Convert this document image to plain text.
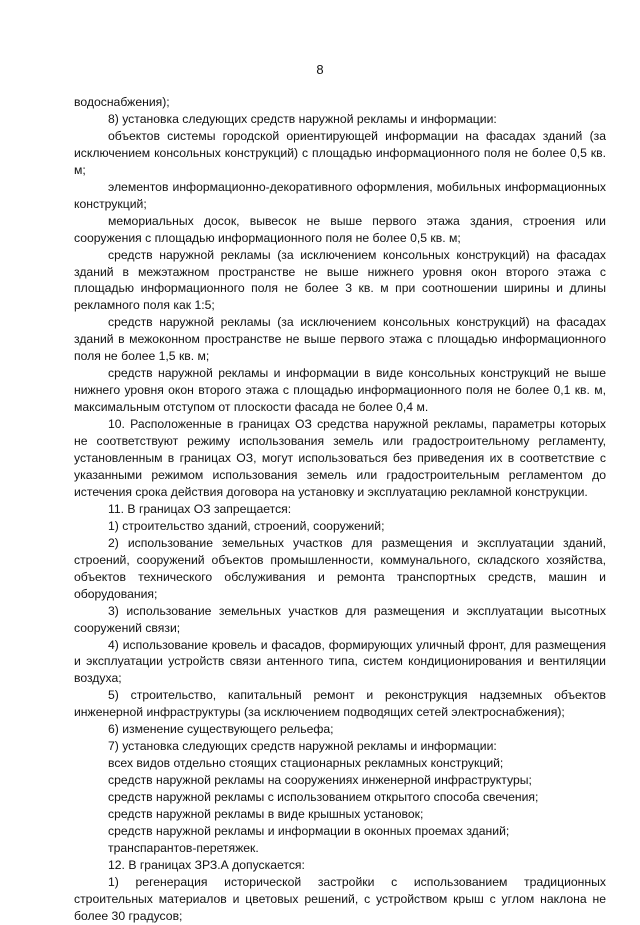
8

водоснабжения);

8) установка следующих средств наружной рекламы и информации:

объектов системы городской ориентирующей информации на фасадах зданий (за исключением консольных конструкций) с площадью информационного поля не более 0,5 кв. м;

элементов информационно-декоративного оформления, мобильных информационных конструкций;

мемориальных досок, вывесок не выше первого этажа здания, строения или сооружения с площадью информационного поля не более 0,5 кв. м;

средств наружной рекламы (за исключением консольных конструкций) на фасадах зданий в межэтажном пространстве не выше нижнего уровня окон второго этажа с площадью информационного поля не более 3 кв. м при соотношении ширины и длины рекламного поля как 1:5;

средств наружной рекламы (за исключением консольных конструкций) на фасадах зданий в межоконном пространстве не выше первого этажа с площадью информационного поля не более 1,5 кв. м;

средств наружной рекламы и информации в виде консольных конструкций не выше нижнего уровня окон второго этажа с площадью информационного поля не более 0,1 кв. м, максимальным отступом от плоскости фасада не более 0,4 м.

10. Расположенные в границах ОЗ средства наружной рекламы, параметры которых не соответствуют режиму использования земель или градостроительному регламенту, установленным в границах ОЗ, могут использоваться без приведения их в соответствие с указанными режимом использования земель или градостроительным регламентом до истечения срока действия договора на установку и эксплуатацию рекламной конструкции.

11. В границах ОЗ запрещается:

1) строительство зданий, строений, сооружений;

2) использование земельных участков для размещения и эксплуатации зданий, строений, сооружений объектов промышленности, коммунального, складского хозяйства, объектов технического обслуживания и ремонта транспортных средств, машин и оборудования;

3) использование земельных участков для размещения и эксплуатации высотных сооружений связи;

4) использование кровель и фасадов, формирующих уличный фронт, для размещения и эксплуатации устройств связи антенного типа, систем кондиционирования и вентиляции воздуха;

5) строительство, капитальный ремонт и реконструкция надземных объектов инженерной инфраструктуры (за исключением подводящих сетей электроснабжения);

6) изменение существующего рельефа;

7) установка следующих средств наружной рекламы и информации:

всех видов отдельно стоящих стационарных рекламных конструкций;

средств наружной рекламы на сооружениях инженерной инфраструктуры;

средств наружной рекламы с использованием открытого способа свечения;

средств наружной рекламы в виде крышных установок;

средств наружной рекламы и информации в оконных проемах зданий;

транспарантов-перетяжек.

12. В границах ЗРЗ.А допускается:

1) регенерация исторической застройки с использованием традиционных строительных материалов и цветовых решений, с устройством крыш с углом наклона не более 30 градусов;
